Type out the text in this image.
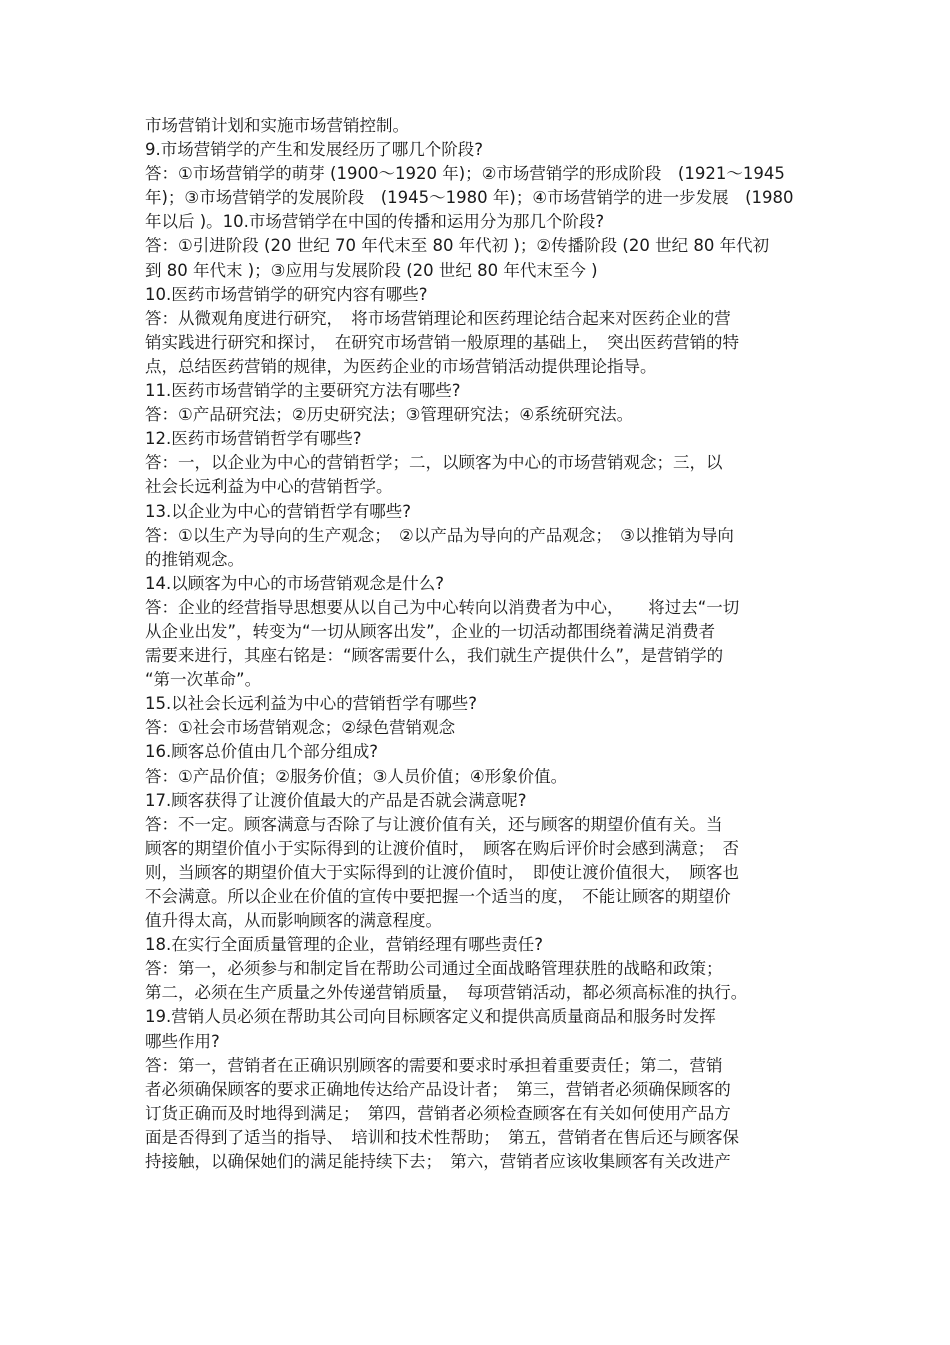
市场营销计划和实施市场营销控制。
9.市场营销学的产生和发展经历了哪几个阶段?
答：①市场营销学的萌芽 (1900～1920 年)；②市场营销学的形成阶段　(1921～1945
年)；③市场营销学的发展阶段　(1945～1980 年)；④市场营销学的进一步发展　(1980
年以后 )。10.市场营销学在中国的传播和运用分为那几个阶段?
答：①引进阶段 (20 世纪 70 年代末至 80 年代初 )；②传播阶段 (20 世纪 80 年代初
到 80 年代末 )；③应用与发展阶段 (20 世纪 80 年代末至今 )
10.医药市场营销学的研究内容有哪些?
答：从微观角度进行研究，　将市场营销理论和医药理论结合起来对医药企业的营
销实践进行研究和探讨，　在研究市场营销一般原理的基础上，　突出医药营销的特
点，总结医药营销的规律，为医药企业的市场营销活动提供理论指导。
11.医药市场营销学的主要研究方法有哪些?
答：①产品研究法；②历史研究法；③管理研究法；④系统研究法。
12.医药市场营销哲学有哪些?
答：一，以企业为中心的营销哲学；二，以顾客为中心的市场营销观念；三，以
社会长远利益为中心的营销哲学。
13.以企业为中心的营销哲学有哪些?
答：①以生产为导向的生产观念；　②以产品为导向的产品观念；　③以推销为导向
的推销观念。
14.以顾客为中心的市场营销观念是什么?
答：企业的经营指导思想要从以自己为中心转向以消费者为中心，　　将过去“一切
从企业出发”，转变为“一切从顾客出发”，企业的一切活动都围绕着满足消费者
需要来进行，其座右铭是：“顾客需要什么，我们就生产提供什么”，是营销学的
“第一次革命”。
15.以社会长远利益为中心的营销哲学有哪些?
答：①社会市场营销观念；②绿色营销观念
16.顾客总价值由几个部分组成?
答：①产品价值；②服务价值；③人员价值；④形象价值。
17.顾客获得了让渡价值最大的产品是否就会满意呢?
答：不一定。顾客满意与否除了与让渡价值有关，还与顾客的期望价值有关。当
顾客的期望价值小于实际得到的让渡价值时，　顾客在购后评价时会感到满意；　否
则，当顾客的期望价值大于实际得到的让渡价值时，　即使让渡价值很大，　顾客也
不会满意。所以企业在价值的宣传中要把握一个适当的度，　不能让顾客的期望价
值升得太高，从而影响顾客的满意程度。
18.在实行全面质量管理的企业，营销经理有哪些责任?
答：第一，必须参与和制定旨在帮助公司通过全面战略管理获胜的战略和政策；
第二，必须在生产质量之外传递营销质量，　每项营销活动，都必须高标准的执行。
19.营销人员必须在帮助其公司向目标顾客定义和提供高质量商品和服务时发挥
哪些作用?
答：第一，营销者在正确识别顾客的需要和要求时承担着重要责任；第二，营销
者必须确保顾客的要求正确地传达给产品设计者；　第三，营销者必须确保顾客的
订货正确而及时地得到满足；　第四，营销者必须检查顾客在有关如何使用产品方
面是否得到了适当的指导、　培训和技术性帮助；　第五，营销者在售后还与顾客保
持接触，以确保她们的满足能持续下去；　第六，营销者应该收集顾客有关改进产
